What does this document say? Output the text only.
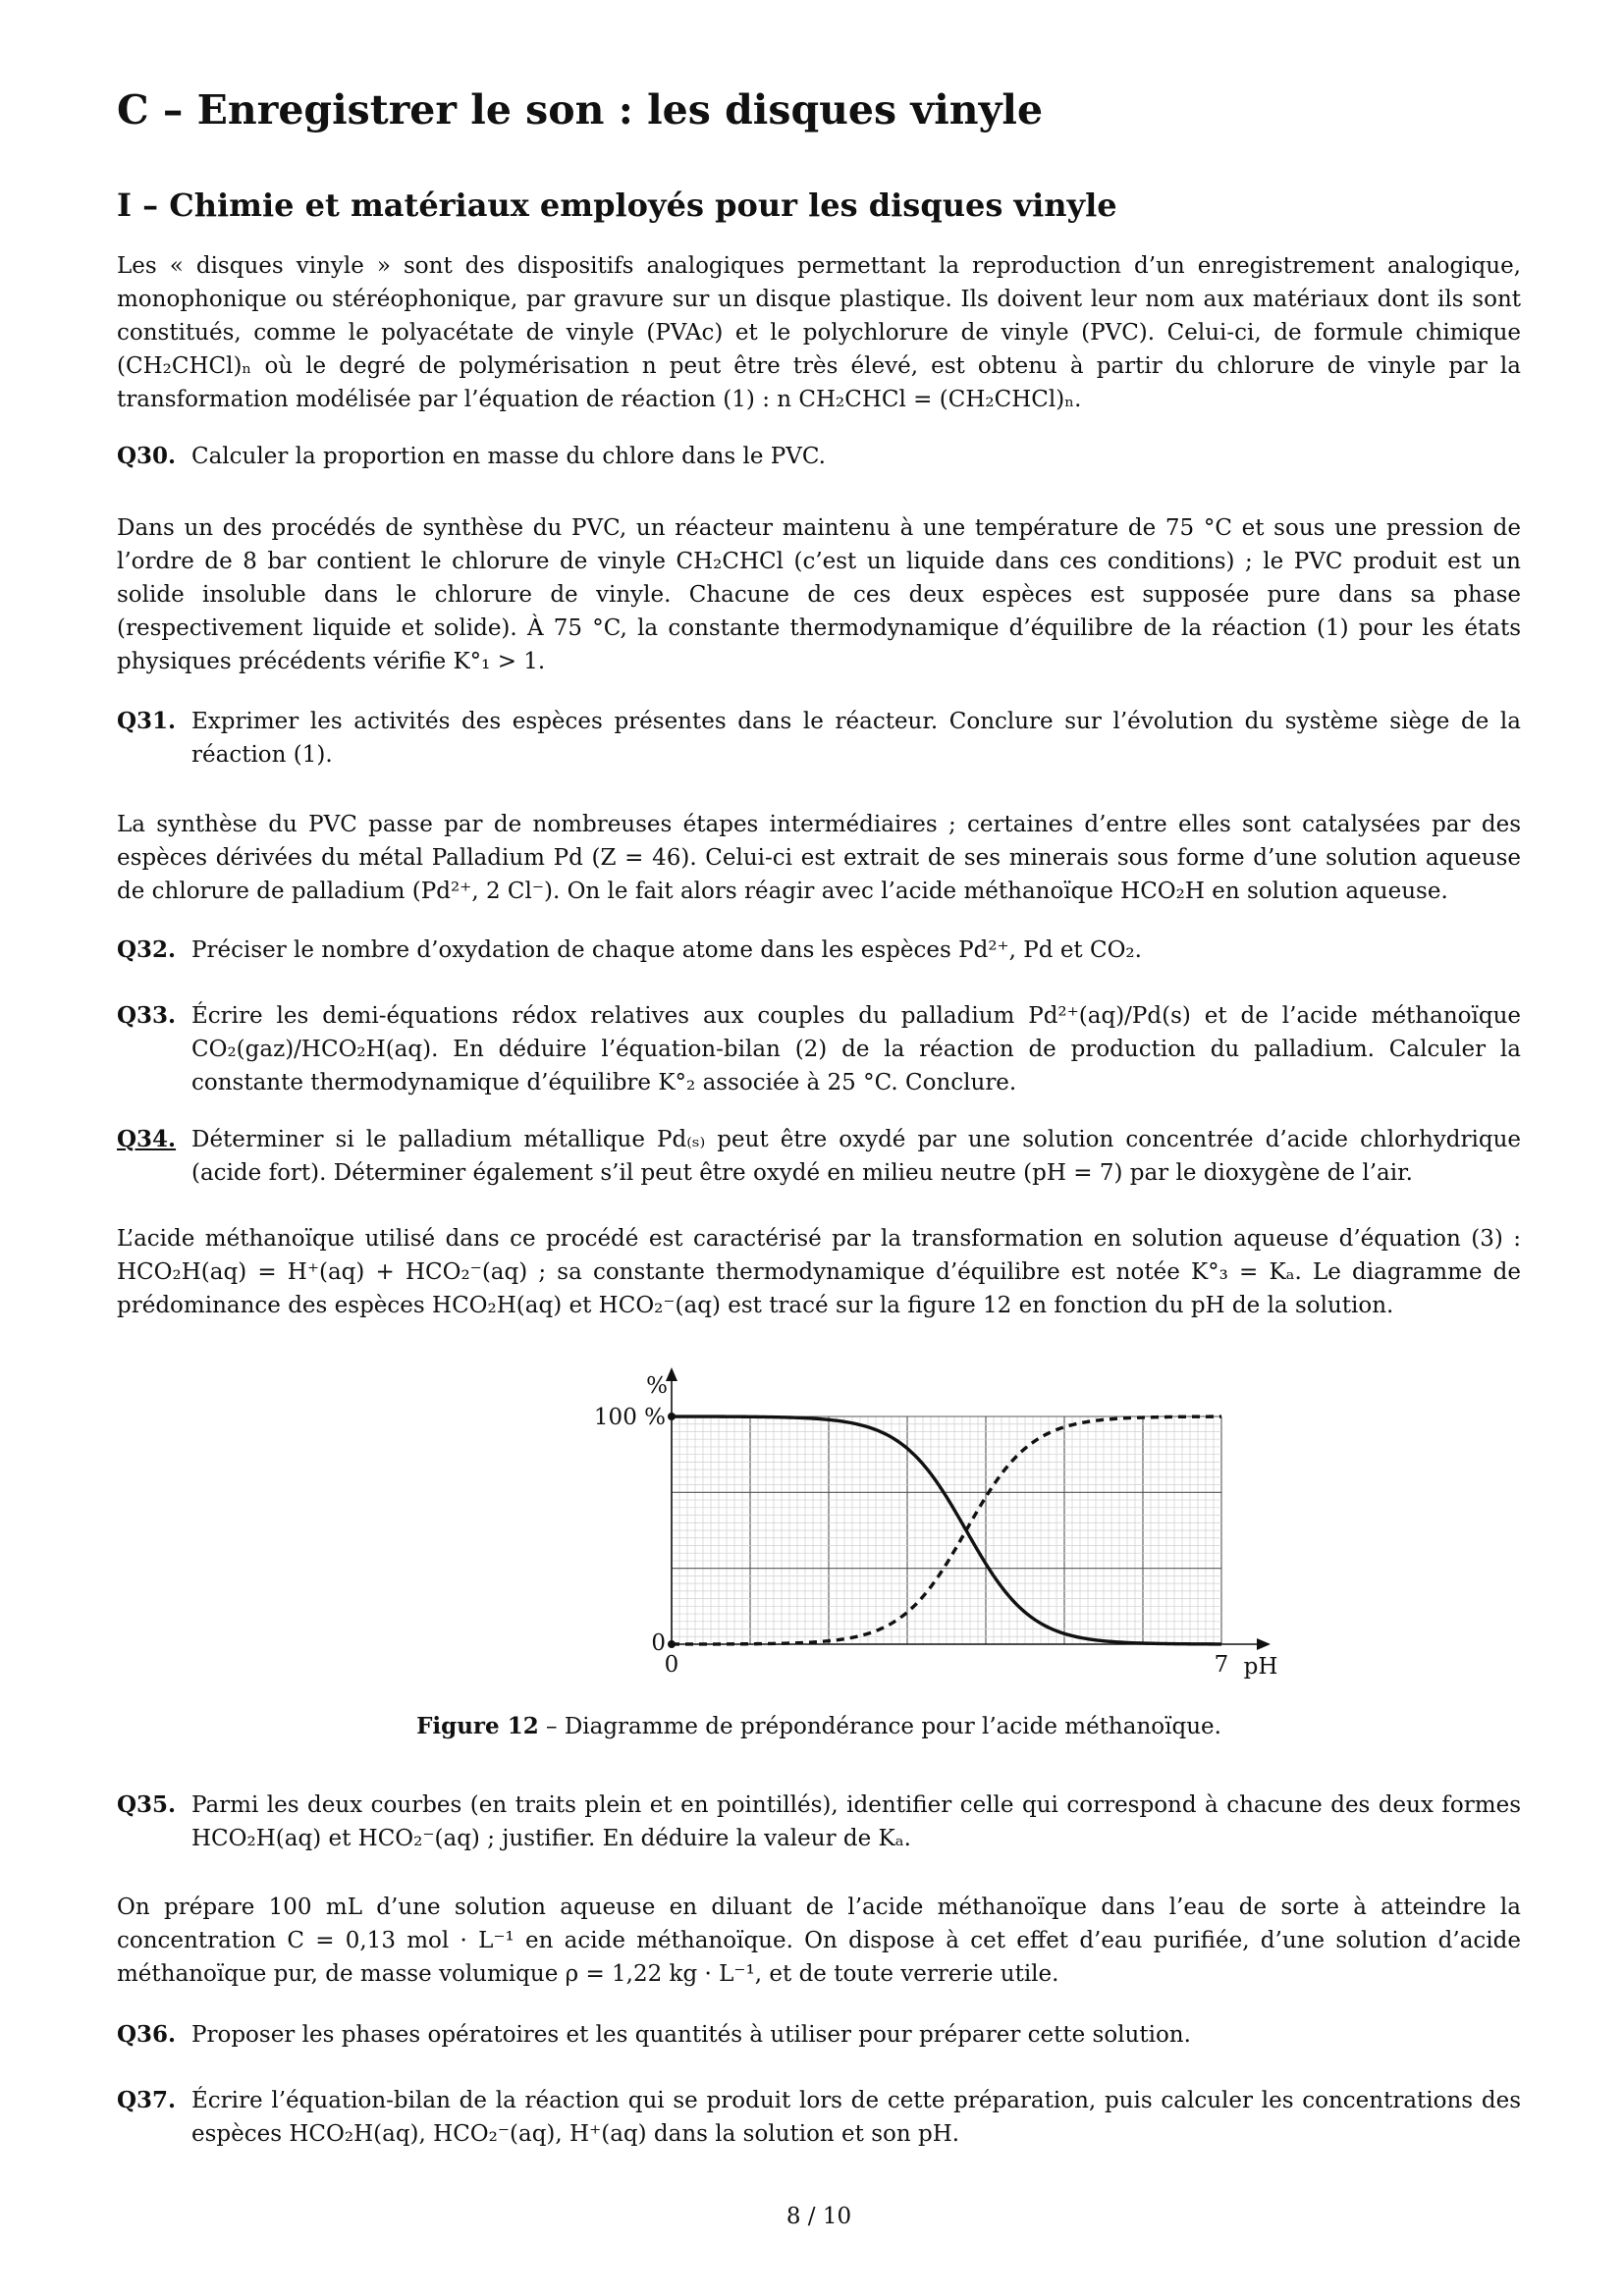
C – Enregistrer le son : les disques vinyle
I – Chimie et matériaux employés pour les disques vinyle

Les « disques vinyle » sont des dispositifs analogiques permettant la reproduction d’un enregistrement analogique, monophonique ou stéréophonique, par gravure sur un disque plastique. Ils doivent leur nom aux matériaux dont ils sont constitués, comme le polyacétate de vinyle (PVAc) et le polychlorure de vinyle (PVC). Celui-ci, de formule chimique (CH₂CHCl)ₙ où le degré de polymérisation n peut être très élevé, est obtenu à partir du chlorure de vinyle par la transformation modélisée par l’équation de réaction (1) : n CH₂CHCl = (CH₂CHCl)ₙ.

Q30. Calculer la proportion en masse du chlore dans le PVC.

Dans un des procédés de synthèse du PVC, un réacteur maintenu à une température de 75 °C et sous une pression de l’ordre de 8 bar contient le chlorure de vinyle CH₂CHCl (c’est un liquide dans ces conditions) ; le PVC produit est un solide insoluble dans le chlorure de vinyle. Chacune de ces deux espèces est supposée pure dans sa phase (respectivement liquide et solide). À 75 °C, la constante thermodynamique d’équilibre de la réaction (1) pour les états physiques précédents vérifie K°₁ > 1.

Q31. Exprimer les activités des espèces présentes dans le réacteur. Conclure sur l’évolution du système siège de la réaction (1).

La synthèse du PVC passe par de nombreuses étapes intermédiaires ; certaines d’entre elles sont catalysées par des espèces dérivées du métal Palladium Pd (Z = 46). Celui-ci est extrait de ses minerais sous forme d’une solution aqueuse de chlorure de palladium (Pd²⁺, 2 Cl⁻). On le fait alors réagir avec l’acide méthanoïque HCO₂H en solution aqueuse.

Q32. Préciser le nombre d’oxydation de chaque atome dans les espèces Pd²⁺, Pd et CO₂.
Q33. Écrire les demi-équations rédox relatives aux couples du palladium Pd²⁺(aq)/Pd(s) et de l’acide méthanoïque CO₂(gaz)/HCO₂H(aq). En déduire l’équation-bilan (2) de la réaction de production du palladium. Calculer la constante thermodynamique d’équilibre K°₂ associée à 25 °C. Conclure.
Q34. Déterminer si le palladium métallique Pd₍ₛ₎ peut être oxydé par une solution concentrée d’acide chlorhydrique (acide fort). Déterminer également s’il peut être oxydé en milieu neutre (pH = 7) par le dioxygène de l’air.

L’acide méthanoïque utilisé dans ce procédé est caractérisé par la transformation en solution aqueuse d’équation (3) : HCO₂H(aq) = H⁺(aq) + HCO₂⁻(aq) ; sa constante thermodynamique d’équilibre est notée K°₃ = Kₐ. Le diagramme de prédominance des espèces HCO₂H(aq) et HCO₂⁻(aq) est tracé sur la figure 12 en fonction du pH de la solution.

%
100 %
0
0	7 pH
Figure 12 – Diagramme de prépondérance pour l’acide méthanoïque.
Q35. Parmi les deux courbes (en traits plein et en pointillés), identifier celle qui correspond à chacune des deux formes HCO₂H(aq) et HCO₂⁻(aq) ; justifier. En déduire la valeur de Kₐ.

On prépare 100 mL d’une solution aqueuse en diluant de l’acide méthanoïque dans l’eau de sorte à atteindre la concentration C = 0,13 mol · L⁻¹ en acide méthanoïque. On dispose à cet effet d’eau purifiée, d’une solution d’acide méthanoïque pur, de masse volumique ρ = 1,22 kg · L⁻¹, et de toute verrerie utile.

Q36. Proposer les phases opératoires et les quantités à utiliser pour préparer cette solution.
Q37. Écrire l’équation-bilan de la réaction qui se produit lors de cette préparation, puis calculer les concentrations des espèces HCO₂H(aq), HCO₂⁻(aq), H⁺(aq) dans la solution et son pH.
8 / 10
